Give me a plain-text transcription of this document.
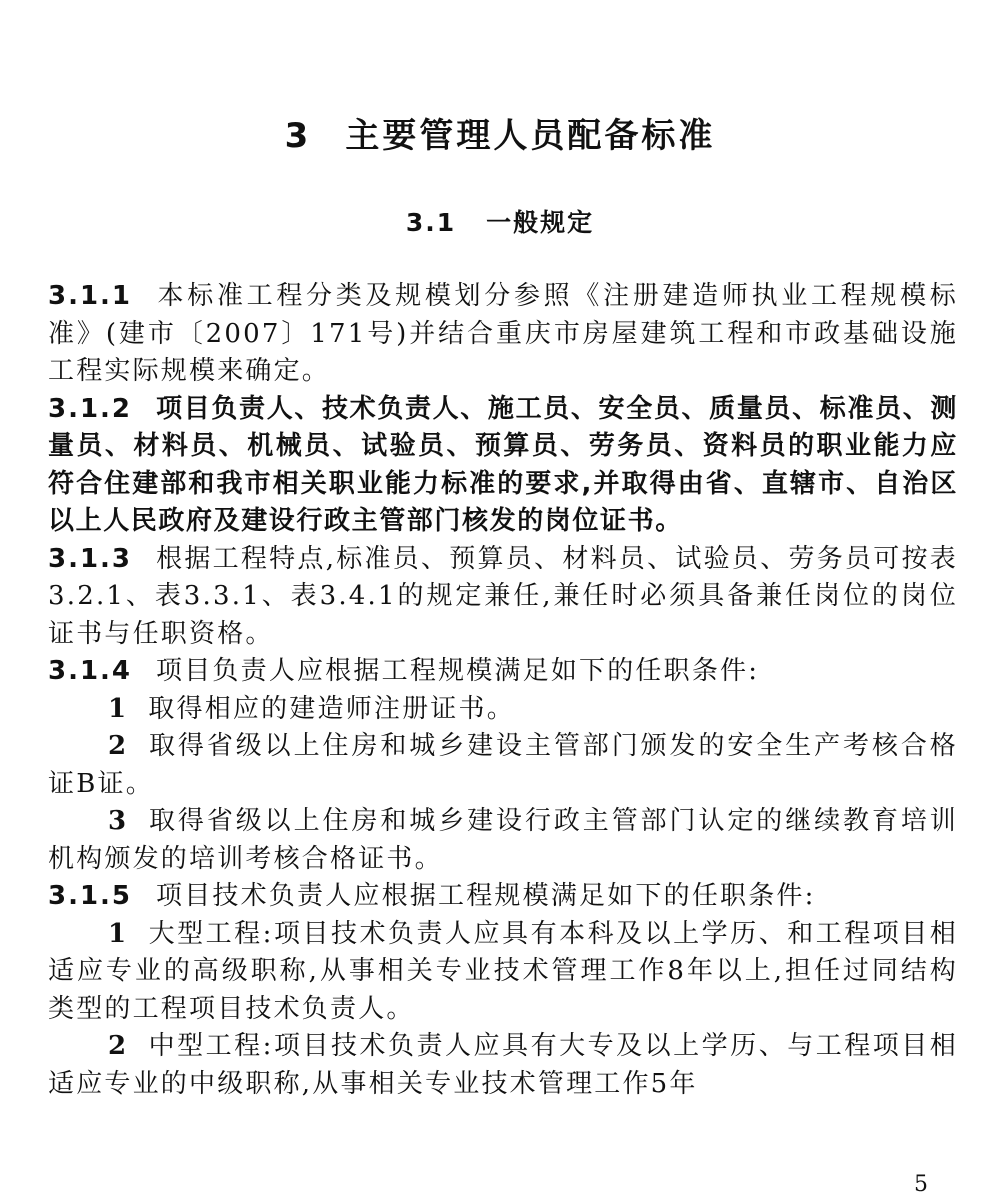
3 主要管理人员配备标准
3.1 一般规定

3.1.1 本标准工程分类及规模划分参照《注册建造师执业工程规模标准》(建市〔2007〕171号)并结合重庆市房屋建筑工程和市政基础设施工程实际规模来确定。

3.1.2 项目负责人、技术负责人、施工员、安全员、质量员、标准员、测量员、材料员、机械员、试验员、预算员、劳务员、资料员的职业能力应符合住建部和我市相关职业能力标准的要求,并取得由省、直辖市、自治区以上人民政府及建设行政主管部门核发的岗位证书。

3.1.3 根据工程特点,标准员、预算员、材料员、试验员、劳务员可按表3.2.1、表3.3.1、表3.4.1的规定兼任,兼任时必须具备兼任岗位的岗位证书与任职资格。

3.1.4 项目负责人应根据工程规模满足如下的任职条件:

1 取得相应的建造师注册证书。

2 取得省级以上住房和城乡建设主管部门颁发的安全生产考核合格证B证。

3 取得省级以上住房和城乡建设行政主管部门认定的继续教育培训机构颁发的培训考核合格证书。

3.1.5 项目技术负责人应根据工程规模满足如下的任职条件:

1 大型工程:项目技术负责人应具有本科及以上学历、和工程项目相适应专业的高级职称,从事相关专业技术管理工作8年以上,担任过同结构类型的工程项目技术负责人。

2 中型工程:项目技术负责人应具有大专及以上学历、与工程项目相适应专业的中级职称,从事相关专业技术管理工作5年

5
